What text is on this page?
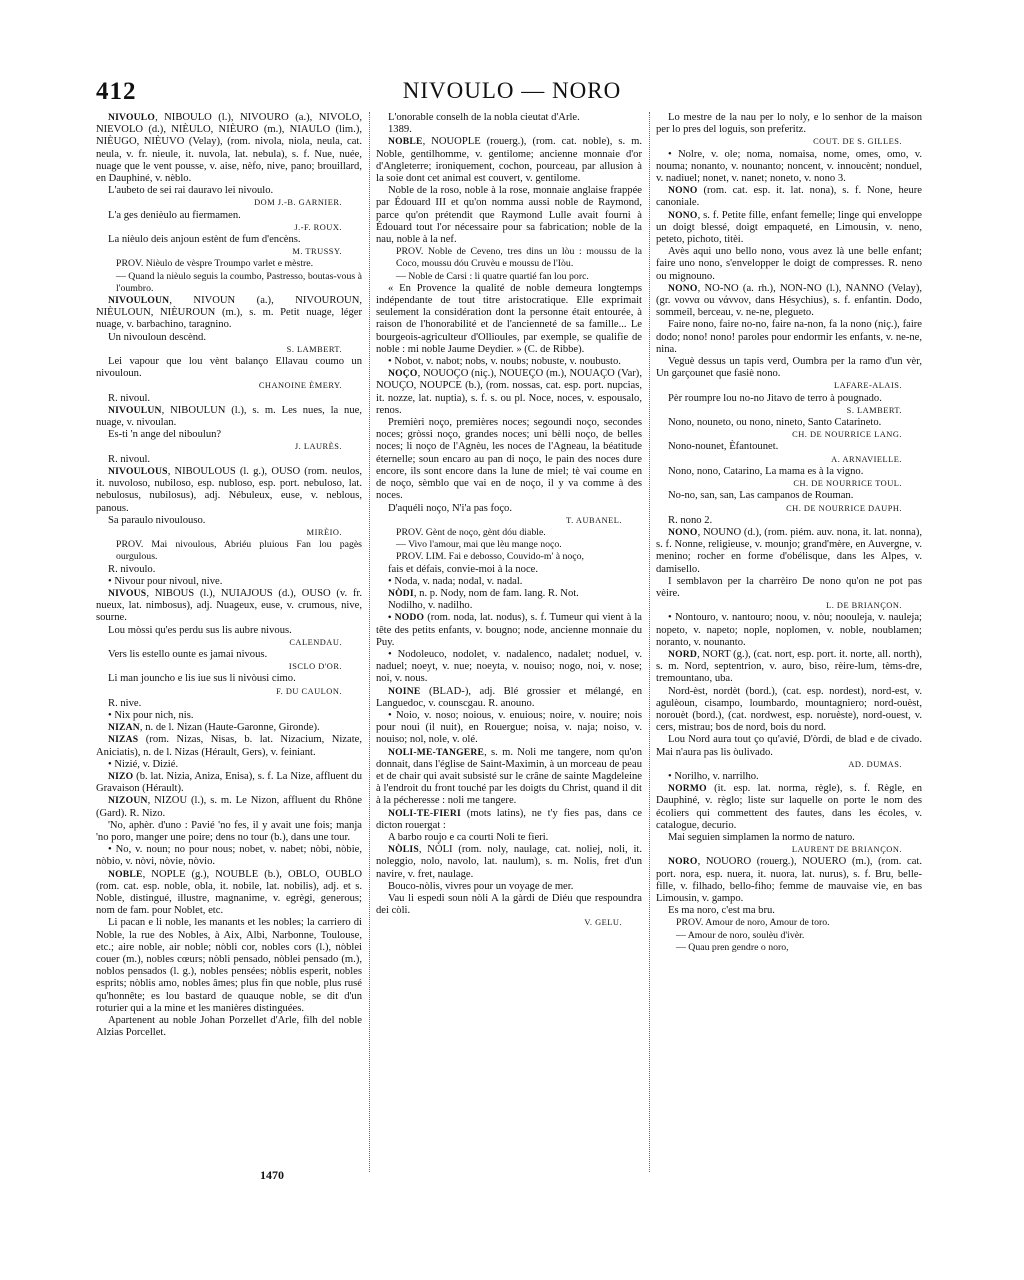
412	NIVOULO — NORO

NIVOULO, NIBOULO (l.), NIVOURO (a.), NIVOLO, NIEVOLO (d.), NIÈULO, NIÈURO (m.), NIAULO (lim.), NIÈUGO, NIÈUVO (Velay), (rom. nivola, niola, neula, cat. neula, v. fr. nieule, it. nuvola, lat. nebula), s. f. Nue, nuée, nuage que le vent pousse, v. aise, nèfo, nive, pano; brouillard, en Dauphiné, v. nèblo.

L'aubeto de sei rai dauravo lei nivoulo.

DOM J.-B. GARNIER.

L'a ges denièulo au fiermamen.

J.-F. ROUX.

La nièulo deis anjoun estènt de fum d'encèns.

M. TRUSSY.

PROV. Nièulo de vèspre Troumpo varlet e mèstre.

— Quand la nièulo seguis la coumbo, Pastresso, boutas-vous à l'oumbro.

NIVOULOUN, NIVOUN (a.), NIVOUROUN, NIÈULOUN, NIÈUROUN (m.), s. m. Petit nuage, léger nuage, v. barbachino, taragnino.

Un nivouloun descènd.

S. LAMBERT.

Lei vapour que lou vènt balanço Ellavau coumo un nivouloun.

CHANOINE ÈMERY.

R. nivoul.

NIVOULUN, NIBOULUN (l.), s. m. Les nues, la nue, nuage, v. nivoulan.

Es-ti 'n ange del niboulun?

J. LAURÈS.

R. nivoul.

NIVOULOUS, NIBOULOUS (l. g.), OUSO (rom. neulos, it. nuvoloso, nubiloso, esp. nubloso, esp. port. nebuloso, lat. nebulosus, nubilosus), adj. Nébuleux, euse, v. neblous, panous.

Sa paraulo nivoulouso.

MIRÈIO.

PROV. Mai nivoulous, Abriéu pluious Fan lou pagès ourgulous.

R. nivoulo.

• Nivour pour nivoul, nive.

NIVOUS, NIBOUS (l.), NUIAJOUS (d.), OUSO (v. fr. nueux, lat. nimbosus), adj. Nuageux, euse, v. crumous, nive, sourne.

Lou mòssi qu'es perdu sus lis aubre nivous.

CALENDAU.

Vers lis estello ounte es jamai nivous.

ISCLO D'OR.

Li man jouncho e lis iue sus li nivòusi cimo.

F. DU CAULON.

R. nive.

• Nix pour nich, nis.

NIZAN, n. de l. Nizan (Haute-Garonne, Gironde).

NIZAS (rom. Nizas, Nisas, b. lat. Nizacium, Nizate, Aniciatis), n. de l. Nizas (Hérault, Gers), v. feiniant.

• Nizié, v. Dizié.

NIZO (b. lat. Nizia, Aniza, Enisa), s. f. La Nize, affluent du Gravaison (Hérault).

NIZOUN, NIZOU (l.), s. m. Le Nizon, affluent du Rhône (Gard). R. Nizo.

'No, aphèr. d'uno : Pavié 'no fes, il y avait une fois; manja 'no poro, manger une poire; dens no tour (b.), dans une tour.

• No, v. noun; no pour nous; nobet, v. nabet; nòbi, nòbie, nòbio, v. nòvi, nòvie, nòvio.

NOBLE, NOPLE (g.), NOUBLE (b.), OBLO, OUBLO (rom. cat. esp. noble, obla, it. nobile, lat. nobilis), adj. et s. Noble, distingué, illustre, magnanime, v. egrègi, generous; nom de fam. pour Noblet, etc.

Li pacan e li noble, les manants et les nobles; la carriero di Noble, la rue des Nobles, à Aix, Albi, Narbonne, Toulouse, etc.; aire noble, air noble; nòbli cor, nobles cors (l.), nòblei couer (m.), nobles cœurs; nòbli pensado, nòblei pensado (m.), noblos pensados (l. g.), nobles pensées; nòblis esperit, nobles esprits; nòblis amo, nobles âmes; plus fin que noble, plus rusé qu'honnête; es lou bastard de quauque noble, se dit d'un roturier qui a la mine et les manières distinguées.

Apartenent au noble Johan Porzellet d'Arle, filh del noble Alzias Porcellet.

L'onorable conselh de la nobla cieutat d'Arle.

1389.

NOBLE, NOUOPLE (rouerg.), (rom. cat. noble), s. m. Noble, gentilhomme, v. gentilome; ancienne monnaie d'or d'Angleterre; ironiquement, cochon, pourceau, par allusion à la soie dont cet animal est couvert, v. gentilome.

Noble de la roso, noble à la rose, monnaie anglaise frappée par Édouard III et qu'on nomma aussi noble de Raymond, parce qu'on prétendit que Raymond Lulle avait fourni à Édouard tout l'or nécessaire pour sa fabrication; noble de la nau, noble à la nef.

PROV. Noble de Ceveno, tres dins un lòu : moussu de la Coco, moussu dóu Cruvèu e moussu de l'Iòu.

— Noble de Carsi : li quatre quartié fan lou porc.

« En Provence la qualité de noble demeura longtemps indépendante de tout titre aristocratique. Elle exprimait seulement la considération dont la personne était entourée, à raison de l'honorabilité et de l'ancienneté de sa famille... Le bourgeois-agriculteur d'Ollioules, par exemple, se qualifie de noble : mi noble Jaume Deydier. » (C. de Ribbe).

• Nobot, v. nabot; nobs, v. noubs; nobuste, v. noubusto.

NOÇO, NOUOÇO (niç.), NOUEÇO (m.), NOUAÇO (Var), NOUÇO, NOUPCE (b.), (rom. nossas, cat. esp. port. nupcias, it. nozze, lat. nuptia), s. f. s. ou pl. Noce, noces, v. espousalo, renos.

Premièri noço, premières noces; segoundi noço, secondes noces; gròssi noço, grandes noces; uni bèlli noço, de belles noces; li noço de l'Agnèu, les noces de l'Agneau, la béatitude éternelle; soun encaro au pan di noço, le pain des noces dure encore, ils sont encore dans la lune de miel; tè vai coume en de noço, sèmblo que vai en de noço, il y va comme à des noces.

D'aquéli noço, N'i'a pas foço.

T. AUBANEL.

PROV. Gènt de noço, gènt dóu diable.

— Vivo l'amour, mai que lèu mange noço.

PROV. LIM. Fai e debosso, Couvido-m' à noço,

fais et défais, convie-moi à la noce.

• Noda, v. nada; nodal, v. nadal.

NÒDI, n. p. Nody, nom de fam. lang. R. Not.

Nodilho, v. nadilho.

• NODO (rom. noda, lat. nodus), s. f. Tumeur qui vient à la tête des petits enfants, v. bougno; node, ancienne monnaie du Puy.

• Nodoleuco, nodolet, v. nadalenco, nadalet; noduel, v. naduel; noeyt, v. nue; noeyta, v. nouiso; nogo, noi, v. nose; noi, v. nous.

NOINE (BLAD-), adj. Blé grossier et mélangé, en Languedoc, v. counscgau. R. anouno.

• Noio, v. noso; noious, v. enuious; noire, v. nouire; nois pour noui (il nuit), en Rouergue; noisa, v. naja; noiso, v. nouiso; nol, nole, v. olé.

NOLI-ME-TANGERE, s. m. Noli me tangere, nom qu'on donnait, dans l'église de Saint-Maximin, à un morceau de peau et de chair qui avait subsisté sur le crâne de sainte Magdeleine à l'endroit du front touché par les doigts du Christ, quand il dit à la pécheresse : noli me tangere.

NOLI-TE-FIERI (mots latins), ne t'y fies pas, dans ce dicton rouergat :

A barbo roujo e ca courti Noli te fieri.

NÒLIS, NÒLI (rom. noly, naulage, cat. noliej, noli, it. noleggio, nolo, navolo, lat. naulum), s. m. Nolis, fret d'un navire, v. fret, naulage.

Bouco-nòlis, vivres pour un voyage de mer.

Vau li espedi soun nòli A la gàrdi de Diéu que respoundra dei còli.

V. GELU.

Lo mestre de la nau per lo noly, e lo senhor de la maison per lo pres del loguis, son preferitz.

COUT. DE S. GILLES.

• Nolre, v. ole; noma, nomaisa, nome, omes, omo, v. nouma; nonanto, v. nounanto; noncent, v. innoucènt; nonduel, v. nadiuel; nonet, v. nanet; noneto, v. nono 3.

NONO (rom. cat. esp. it. lat. nona), s. f. None, heure canoniale.

NONO, s. f. Petite fille, enfant femelle; linge qui enveloppe un doigt blessé, doigt empaqueté, en Limousin, v. neno, peteto, pichoto, titèi.

Avès aqui uno bello nono, vous avez là une belle enfant; faire uno nono, s'envelopper le doigt de compresses. R. neno ou mignouno.

NONO, NO-NO (a. rh.), NON-NO (l.), NANNO (Velay), (gr. νοννα ou νάννον, dans Hésychius), s. f. enfantin. Dodo, sommeil, berceau, v. ne-ne, plegueto.

Faire nono, faire no-no, faire na-non, fa la nono (niç.), faire dodo; nono! nono! paroles pour endormir les enfants, v. ne-ne, nina.

Veguè dessus un tapis verd, Oumbra per la ramo d'un vèr, Un garçounet que fasiè nono.

LAFARE-ALAIS.

Pèr roumpre lou no-no Jitavo de terro à pougnado.

S. LAMBERT.

Nono, nouneto, ou nono, nineto, Santo Catarineto.

CH. DE NOURRICE LANG.

Nono-nounet, Èfantounet.

A. ARNAVIELLE.

Nono, nono, Catarino, La mama es à la vigno.

CH. DE NOURRICE TOUL.

No-no, san, san, Las campanos de Rouman.

CH. DE NOURRICE DAUPH.

R. nono 2.

NONO, NOUNO (d.), (rom. piém. auv. nona, it. lat. nonna), s. f. Nonne, religieuse, v. mounjo; grand'mère, en Auvergne, v. menino; rocher en forme d'obélisque, dans les Alpes, v. damisello.

I semblavon per la charrèiro De nono qu'on ne pot pas vèire.

L. DE BRIANÇON.

• Nontouro, v. nantouro; noou, v. nòu; noouleja, v. nauleja; nopeto, v. napeto; nople, noplomen, v. noble, noublamen; noranto, v. nounanto.

NORD, NORT (g.), (cat. nort, esp. port. it. norte, all. north), s. m. Nord, septentrion, v. auro, biso, rèire-lum, tèms-dre, tremountano, uba.

Nord-èst, nordèt (bord.), (cat. esp. nordest), nord-est, v. agulèoun, cisampo, loumbardo, mountagniero; nord-ouèst, norouèt (bord.), (cat. nordwest, esp. noruèste), nord-ouest, v. cers, mistrau; bos de nord, bois du nord.

Lou Nord aura tout ço qu'avié, D'òrdi, de blad e de civado. Mai n'aura pas lis òulivado.

AD. DUMAS.

• Norilho, v. narrilho.

NORMO (it. esp. lat. norma, règle), s. f. Règle, en Dauphiné, v. règlo; liste sur laquelle on porte le nom des écoliers qui commettent des fautes, dans les écoles, v. catalogue, decurio.

Mai seguien simplamen la normo de naturo.

LAURENT DE BRIANÇON.

NORO, NOUORO (rouerg.), NOUERO (m.), (rom. cat. port. nora, esp. nuera, it. nuora, lat. nurus), s. f. Bru, belle-fille, v. filhado, bello-fiho; femme de mauvaise vie, en bas Limousin, v. gampo.

Es ma noro, c'est ma bru.

PROV. Amour de noro, Amour de toro.

— Amour de noro, soulèu d'ivèr.

— Quau pren gendre o noro,

1470
